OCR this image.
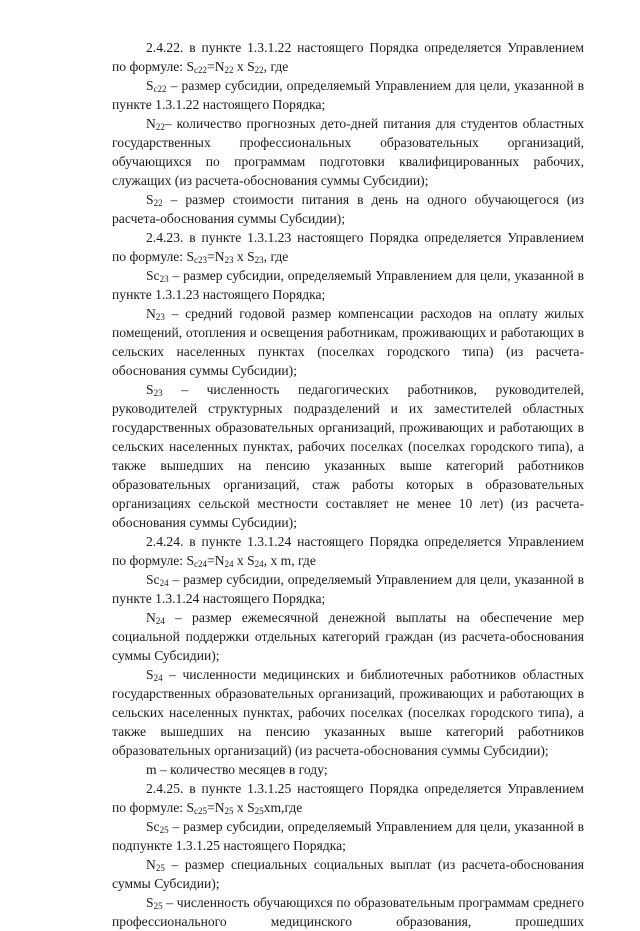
2.4.22. в пункте 1.3.1.22 настоящего Порядка определяется Управлением по формуле: $S_{c22}=N_{22}$ x $S_{22}$, где

$S_{c22}$ – размер субсидии, определяемый Управлением для цели, указанной в пункте 1.3.1.22 настоящего Порядка;

$N_{22}-$ количество прогнозных дето-дней питания для студентов областных государственных профессиональных образовательных организаций, обучающихся по программам подготовки квалифицированных рабочих, служащих (из расчета-обоснования суммы Субсидии);

$S_{22}$ – размер стоимости питания в день на одного обучающегося (из расчета-обоснования суммы Субсидии);

2.4.23. в пункте 1.3.1.23 настоящего Порядка определяется Управлением по формуле: $S_{c23}=N_{23}$ x $S_{23}$, где

$Sc_{23}$ – размер субсидии, определяемый Управлением для цели, указанной в пункте 1.3.1.23 настоящего Порядка;

$N_{23}$ – средний годовой размер компенсации расходов на оплату жилых помещений, отопления и освещения работникам, проживающих и работающих в сельских населенных пунктах (поселках городского типа) (из расчета-обоснования суммы Субсидии);

$S_{23}$ – численность педагогических работников, руководителей, руководителей структурных подразделений и их заместителей областных государственных образовательных организаций, проживающих и работающих в сельских населенных пунктах, рабочих поселках (поселках городского типа), а также вышедших на пенсию указанных выше категорий работников образовательных организаций, стаж работы которых в образовательных организациях сельской местности составляет не менее 10 лет) (из расчета-обоснования суммы Субсидии);

2.4.24. в пункте 1.3.1.24 настоящего Порядка определяется Управлением по формуле: $S_{c24}=N_{24}$ x $S_{24}$, x m, где

$Sc_{24}$ – размер субсидии, определяемый Управлением для цели, указанной в пункте 1.3.1.24 настоящего Порядка;

$N_{24}$ – размер ежемесячной денежной выплаты на обеспечение мер социальной поддержки отдельных категорий граждан (из расчета-обоснования суммы Субсидии);

$S_{24}$ – численности медицинских и библиотечных работников областных государственных образовательных организаций, проживающих и работающих в сельских населенных пунктах, рабочих поселках (поселках городского типа), а также вышедших на пенсию указанных выше категорий работников образовательных организаций) (из расчета-обоснования суммы Субсидии);

m – количество месяцев в году;

2.4.25. в пункте 1.3.1.25 настоящего Порядка определяется Управлением по формуле: $S_{c25}=N_{25}$ x $S_{25}xm,где$

$Sc_{25}$ – размер субсидии, определяемый Управлением для цели, указанной в подпункте 1.3.1.25 настоящего Порядка;

$N_{25}$ – размер специальных социальных выплат (из расчета-обоснования суммы Субсидии);

$S_{25}$ – численность обучающихся по образовательным программам среднего профессионального медицинского образования, прошедших
